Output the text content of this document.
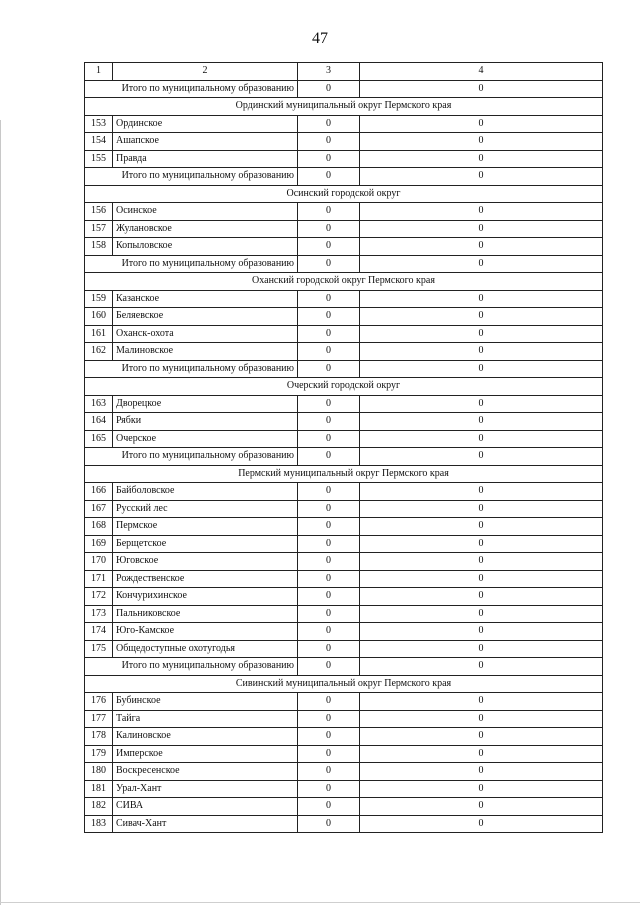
47
1	2	3	4
Итого по муниципальному образованию		0	0
Ординский муниципальный округ Пермского края			
153	Ординское	0	0
154	Ашапское	0	0
155	Правда	0	0
Итого по муниципальному образованию		0	0
Осинский городской округ			
156	Осинское	0	0
157	Жулановское	0	0
158	Копыловское	0	0
Итого по муниципальному образованию		0	0
Оханский городской округ Пермского края			
159	Казанское	0	0
160	Беляевское	0	0
161	Оханск-охота	0	0
162	Малиновское	0	0
Итого по муниципальному образованию		0	0
Очерский городской округ			
163	Дворецкое	0	0
164	Рябки	0	0
165	Очерское	0	0
Итого по муниципальному образованию		0	0
Пермский муниципальный округ Пермского края			
166	Байболовское	0	0
167	Русский лес	0	0
168	Пермское	0	0
169	Берщетское	0	0
170	Юговское	0	0
171	Рождественское	0	0
172	Кончурихинское	0	0
173	Пальниковское	0	0
174	Юго-Камское	0	0
175	Общедоступные охотугодья	0	0
Итого по муниципальному образованию		0	0
Сивинский муниципальный округ Пермского края			
176	Бубинское	0	0
177	Тайга	0	0
178	Калиновское	0	0
179	Имперское	0	0
180	Воскресенское	0	0
181	Урал-Хант	0	0
182	СИВА	0	0
183	Сивач-Хант	0	0
